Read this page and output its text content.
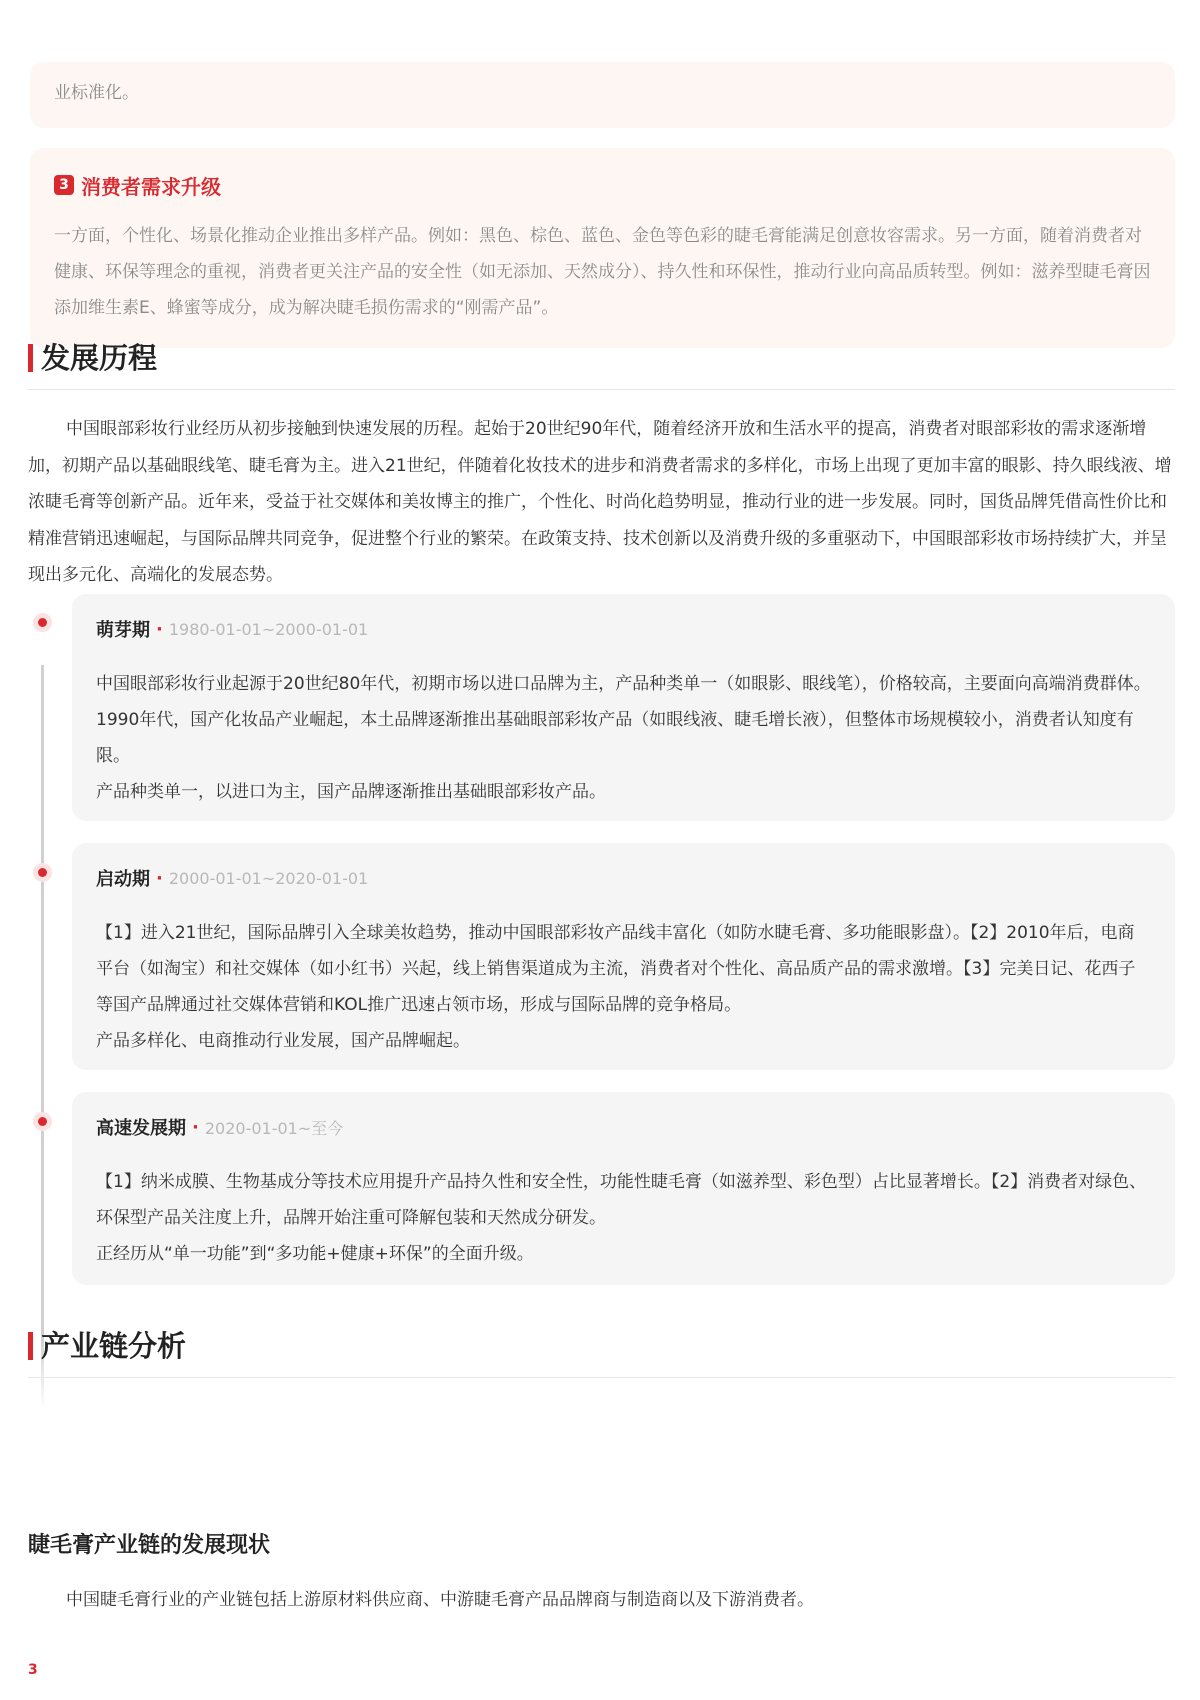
业标准化。
3 消费者需求升级
一方面，个性化、场景化推动企业推出多样产品。例如：黑色、棕色、蓝色、金色等色彩的睫毛膏能满足创意妆容需求。另一方面，随着消费者对健康、环保等理念的重视，消费者更关注产品的安全性（如无添加、天然成分）、持久性和环保性，推动行业向高品质转型。例如：滋养型睫毛膏因添加维生素E、蜂蜜等成分，成为解决睫毛损伤需求的“刚需产品”。
发展历程
中国眼部彩妆行业经历从初步接触到快速发展的历程。起始于20世纪90年代，随着经济开放和生活水平的提高，消费者对眼部彩妆的需求逐渐增加，初期产品以基础眼线笔、睫毛膏为主。进入21世纪，伴随着化妆技术的进步和消费者需求的多样化，市场上出现了更加丰富的眼影、持久眼线液、增浓睫毛膏等创新产品。近年来，受益于社交媒体和美妆博主的推广，个性化、时尚化趋势明显，推动行业的进一步发展。同时，国货品牌凭借高性价比和精准营销迅速崛起，与国际品牌共同竞争，促进整个行业的繁荣。在政策支持、技术创新以及消费升级的多重驱动下，中国眼部彩妆市场持续扩大，并呈现出多元化、高端化的发展态势。
萌芽期 · 1980-01-01~2000-01-01
中国眼部彩妆行业起源于20世纪80年代，初期市场以进口品牌为主，产品种类单一（如眼影、眼线笔），价格较高，主要面向高端消费群体。1990年代，国产化妆品产业崛起，本土品牌逐渐推出基础眼部彩妆产品（如眼线液、睫毛增长液），但整体市场规模较小，消费者认知度有限。
产品种类单一，以进口为主，国产品牌逐渐推出基础眼部彩妆产品。
启动期 · 2000-01-01~2020-01-01
【1】进入21世纪，国际品牌引入全球美妆趋势，推动中国眼部彩妆产品线丰富化（如防水睫毛膏、多功能眼影盘）。【2】2010年后，电商平台（如淘宝）和社交媒体（如小红书）兴起，线上销售渠道成为主流，消费者对个性化、高品质产品的需求激增。【3】完美日记、花西子等国产品牌通过社交媒体营销和KOL推广迅速占领市场，形成与国际品牌的竞争格局。
产品多样化、电商推动行业发展，国产品牌崛起。
高速发展期 · 2020-01-01~至今
【1】纳米成膜、生物基成分等技术应用提升产品持久性和安全性，功能性睫毛膏（如滋养型、彩色型）占比显著增长。【2】消费者对绿色、环保型产品关注度上升，品牌开始注重可降解包装和天然成分研发。
正经历从“单一功能”到“多功能+健康+环保”的全面升级。
产业链分析
睫毛膏产业链的发展现状
中国睫毛膏行业的产业链包括上游原材料供应商、中游睫毛膏产品品牌商与制造商以及下游消费者。
3
